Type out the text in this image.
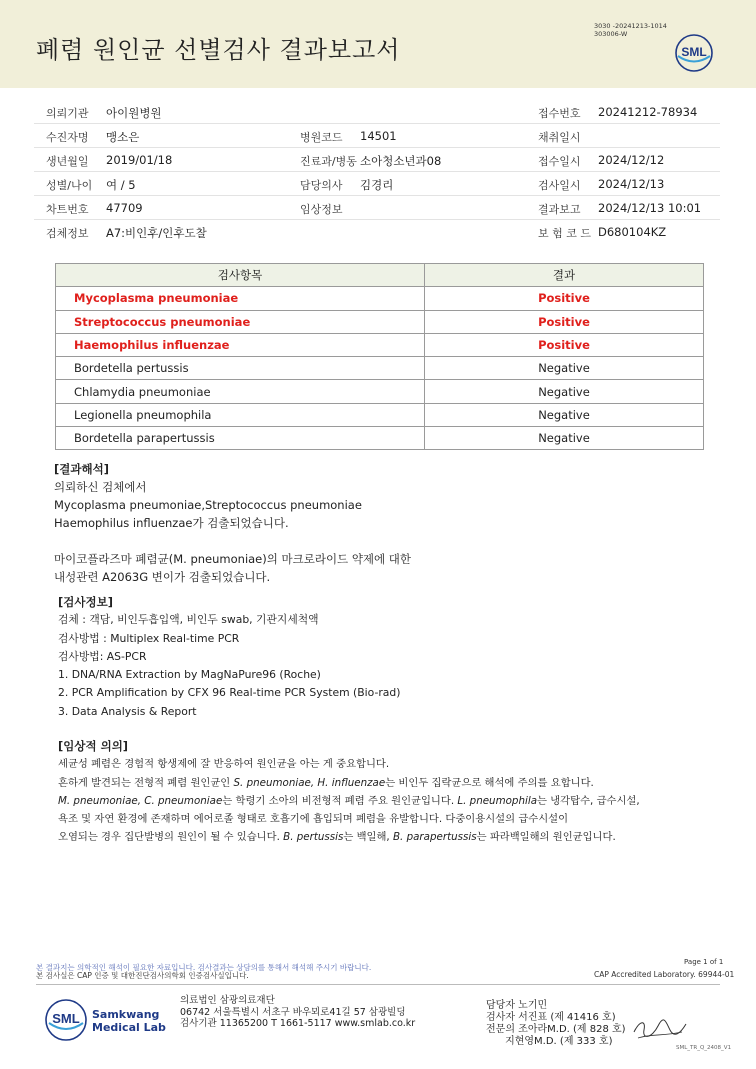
폐렴 원인균 선별검사 결과보고서
3030 -20241213-1014
303006-W
SML
의뢰기관 아이원병원	접수번호 20241212-78934
수진자명 맹소은	병원코드 14501	채취일시
생년월일 2019/01/18	진료과/병동 소아청소년과08	접수일시 2024/12/12
성별/나이 여 / 5	담당의사 김경리	검사일시 2024/12/13
차트번호 47709	임상정보	결과보고 2024/12/13 10:01
검체정보 A7:비인후/인후도찰	보 험 코 드 D680104KZ
검사항목	결과
Mycoplasma pneumoniae	Positive
Streptococcus pneumoniae	Positive
Haemophilus influenzae	Positive
Bordetella pertussis	Negative
Chlamydia pneumoniae	Negative
Legionella pneumophila	Negative
Bordetella parapertussis	Negative
[결과해석]
의뢰하신 검체에서
Mycoplasma pneumoniae,Streptococcus pneumoniae
Haemophilus influenzae가 검출되었습니다.
마이코플라즈마 폐렴균(M. pneumoniae)의 마크로라이드 약제에 대한
내성관련 A2063G 변이가 검출되었습니다.
[검사정보]
검체 : 객담, 비인두흡입액, 비인두 swab, 기관지세척액
검사방법 : Multiplex Real-time PCR
검사방법: AS-PCR
1. DNA/RNA Extraction by MagNaPure96 (Roche)
2. PCR Amplification by CFX 96 Real-time PCR System (Bio-rad)
3. Data Analysis & Report
[임상적 의의]
세균성 폐렴은 경험적 항생제에 잘 반응하여 원인균을 아는 게 중요합니다.
흔하게 발견되는 전형적 폐렴 원인균인 S. pneumoniae, H. influenzae는 비인두 집락균으로 해석에 주의를 요합니다.
M. pneumoniae, C. pneumoniae는 학령기 소아의 비전형적 폐렴 주요 원인균입니다. L. pneumophila는 냉각탑수, 급수시설,
욕조 및 자연 환경에 존재하며 에어로졸 형태로 호흡기에 흡입되며 폐렴을 유발합니다. 다중이용시설의 급수시설이
오염되는 경우 집단발병의 원인이 될 수 있습니다. B. pertussis는 백일해, B. parapertussis는 파라백일해의 원인균입니다.
Page 1 of 1
본 결과지는 의학적인 해석이 필요한 자료입니다. 검사결과는 상담의를 통해서 해석해 주시기 바랍니다.
본 검사실은 CAP 인증 및 대한진단검사의학회 인증검사실입니다.	CAP Accredited Laboratory. 69944-01
SML Samkwang
Medical Lab
의료법인 삼광의료재단
06742 서울특별시 서초구 바우뫼로41길 57 삼광빌딩
검사기관 11365200 T 1661-5117 www.smlab.co.kr
담당자 노기민
검사자 서진표 (제 41416 호)
전문의 조아라M.D. (제 828 호)
지현영M.D. (제 333 호)
SML_TR_Q_2408_V1
